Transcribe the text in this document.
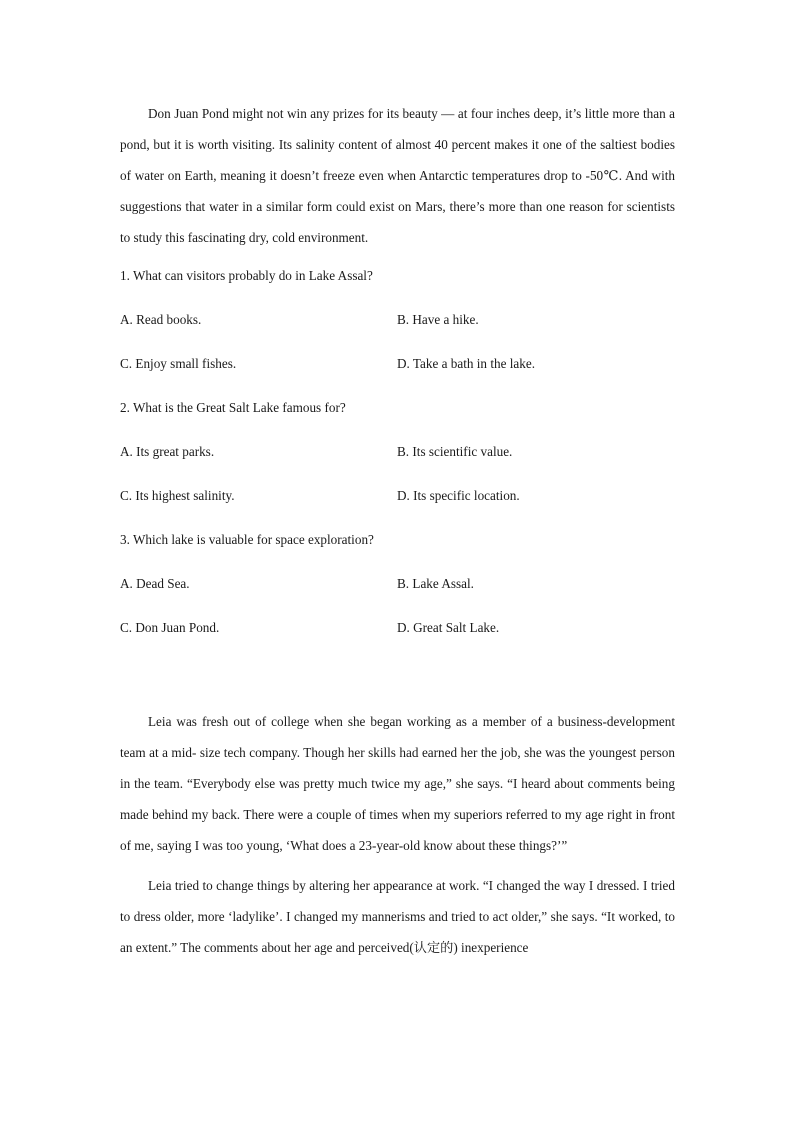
Don Juan Pond might not win any prizes for its beauty — at four inches deep, it’s little more than a pond, but it is worth visiting. Its salinity content of almost 40 percent makes it one of the saltiest bodies of water on Earth, meaning it doesn’t freeze even when Antarctic temperatures drop to -50℃. And with suggestions that water in a similar form could exist on Mars, there’s more than one reason for scientists to study this fascinating dry, cold environment.

1. What can visitors probably do in Lake Assal?

A. Read books.	B. Have a hike.
C. Enjoy small fishes.	D. Take a bath in the lake.

2. What is the Great Salt Lake famous for?

A. Its great parks.	B. Its scientific value.
C. Its highest salinity.	D. Its specific location.

3. Which lake is valuable for space exploration?

A. Dead Sea.	B. Lake Assal.
C. Don Juan Pond.	D. Great Salt Lake.

Leia was fresh out of college when she began working as a member of a business-development team at a mid- size tech company. Though her skills had earned her the job, she was the youngest person in the team. “Everybody else was pretty much twice my age,” she says. “I heard about comments being made behind my back. There were a couple of times when my superiors referred to my age right in front of me, saying I was too young, ‘What does a 23-year-old know about these things?’”

Leia tried to change things by altering her appearance at work. “I changed the way I dressed. I tried to dress older, more ‘ladylike’. I changed my mannerisms and tried to act older,” she says. “It worked, to an extent.” The comments about her age and perceived(认定的) inexperience
